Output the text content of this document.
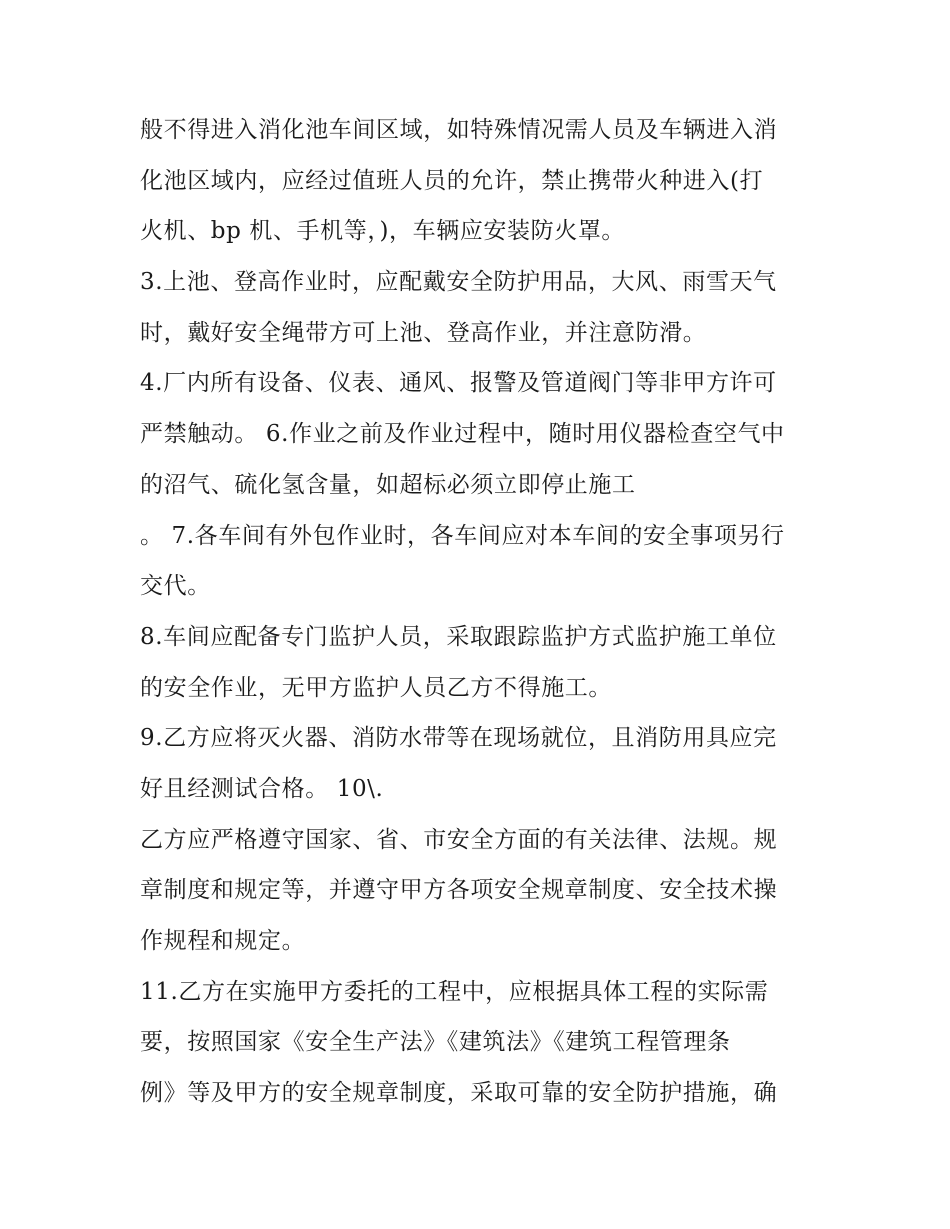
般不得进入消化池车间区域，如特殊情况需人员及车辆进入消
化池区域内，应经过值班人员的允许，禁止携带火种进入(打
火机、bp 机、手机等，)，车辆应安装防火罩。
3.上池、登高作业时，应配戴安全防护用品，大风、雨雪天气
时，戴好安全绳带方可上池、登高作业，并注意防滑。
4.厂内所有设备、仪表、通风、报警及管道阀门等非甲方许可
严禁触动。 6.作业之前及作业过程中，随时用仪器检查空气中
的沼气、硫化氢含量，如超标必须立即停止施工
。 7.各车间有外包作业时，各车间应对本车间的安全事项另行
交代。
8.车间应配备专门监护人员，采取跟踪监护方式监护施工单位
的安全作业，无甲方监护人员乙方不得施工。
9.乙方应将灭火器、消防水带等在现场就位，且消防用具应完
好且经测试合格。 10\.
乙方应严格遵守国家、省、市安全方面的有关法律、法规。规
章制度和规定等，并遵守甲方各项安全规章制度、安全技术操
作规程和规定。
11.乙方在实施甲方委托的工程中，应根据具体工程的实际需
要，按照国家《安全生产法》《建筑法》《建筑工程管理条
例》等及甲方的安全规章制度，采取可靠的安全防护措施，确
